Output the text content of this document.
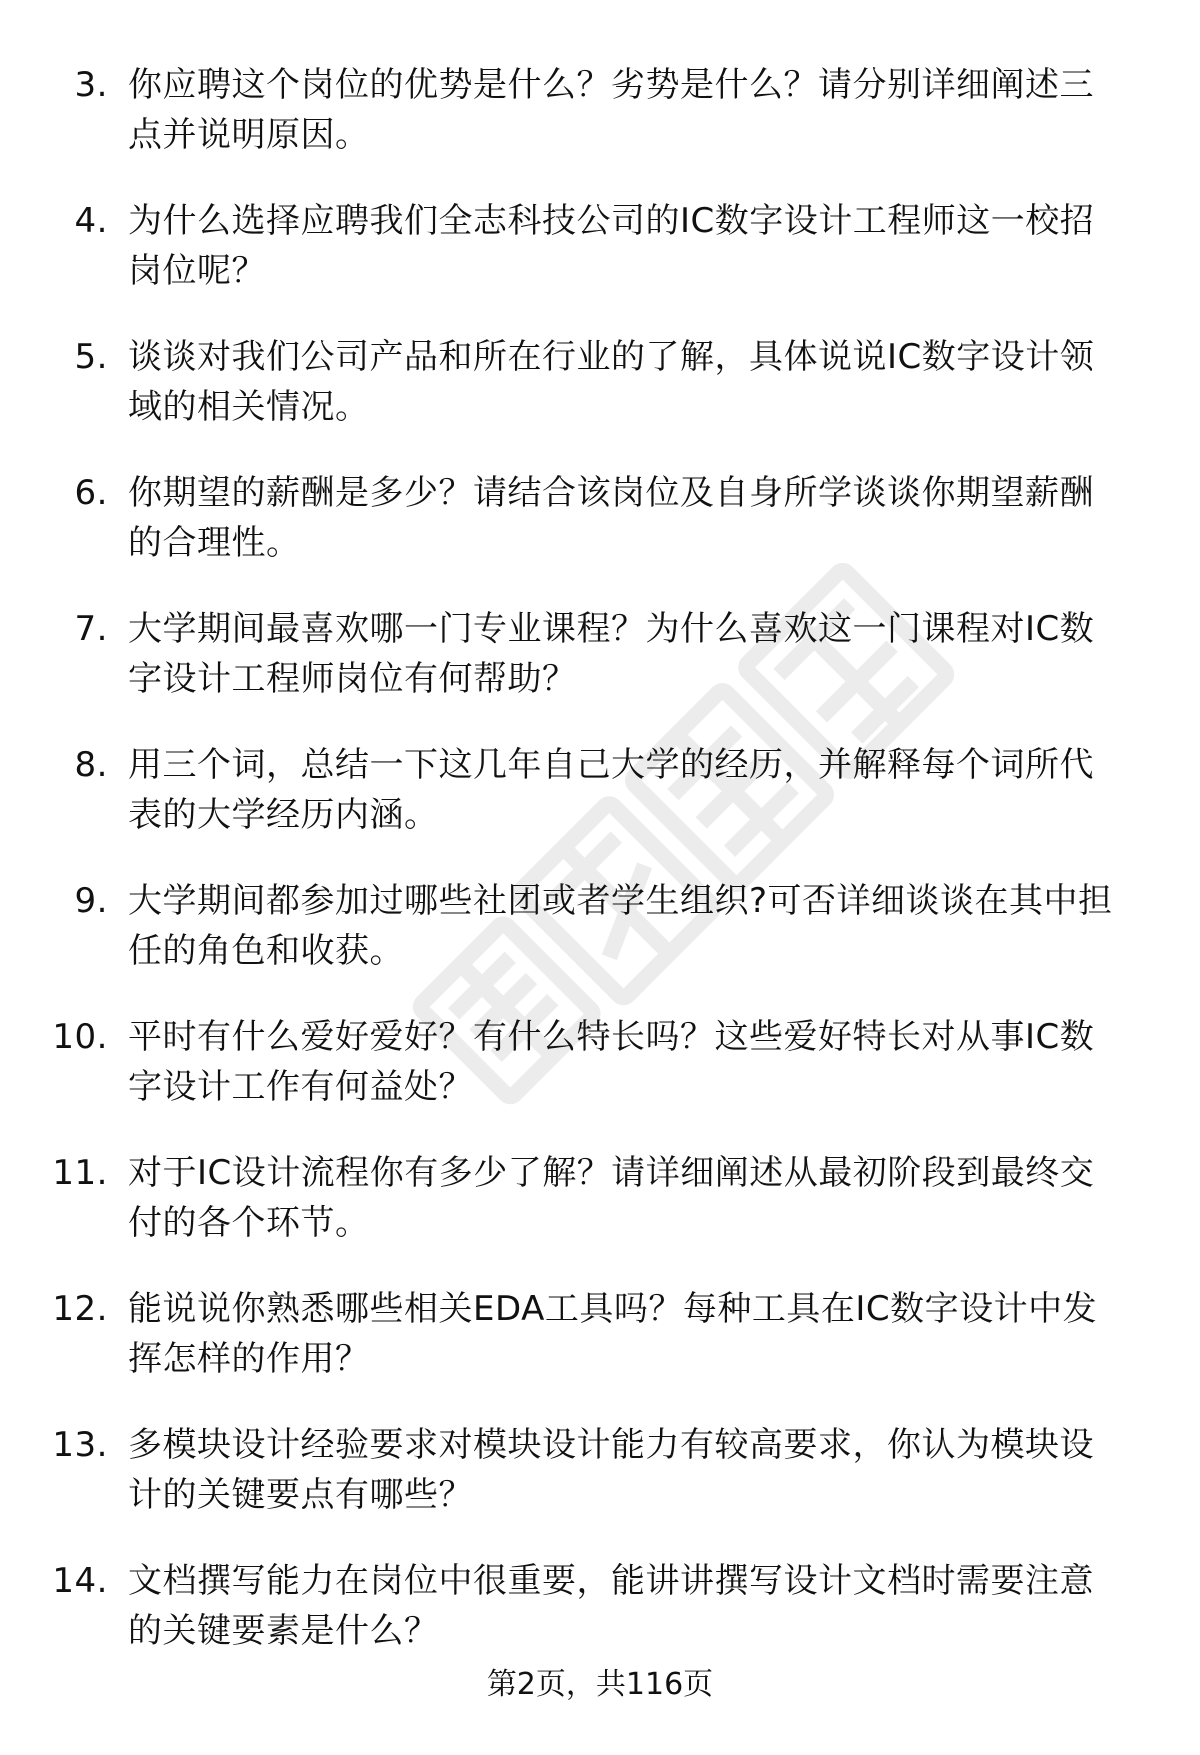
3. 你应聘这个岗位的优势是什么？劣势是什么？请分别详细阐述三
点并说明原因。
4. 为什么选择应聘我们全志科技公司的IC数字设计工程师这一校招
岗位呢？
5. 谈谈对我们公司产品和所在行业的了解，具体说说IC数字设计领
域的相关情况。
6. 你期望的薪酬是多少？请结合该岗位及自身所学谈谈你期望薪酬
的合理性。
7. 大学期间最喜欢哪一门专业课程？为什么喜欢这一门课程对IC数
字设计工程师岗位有何帮助？
8. 用三个词，总结一下这几年自己大学的经历，并解释每个词所代
表的大学经历内涵。
9. 大学期间都参加过哪些社团或者学生组织?可否详细谈谈在其中担
任的角色和收获。
10. 平时有什么爱好爱好？有什么特长吗？这些爱好特长对从事IC数
字设计工作有何益处？
11. 对于IC设计流程你有多少了解？请详细阐述从最初阶段到最终交
付的各个环节。
12. 能说说你熟悉哪些相关EDA工具吗？每种工具在IC数字设计中发
挥怎样的作用？
13. 多模块设计经验要求对模块设计能力有较高要求，你认为模块设
计的关键要点有哪些？
14. 文档撰写能力在岗位中很重要，能讲讲撰写设计文档时需要注意
的关键要素是什么？
第2页，共116页
